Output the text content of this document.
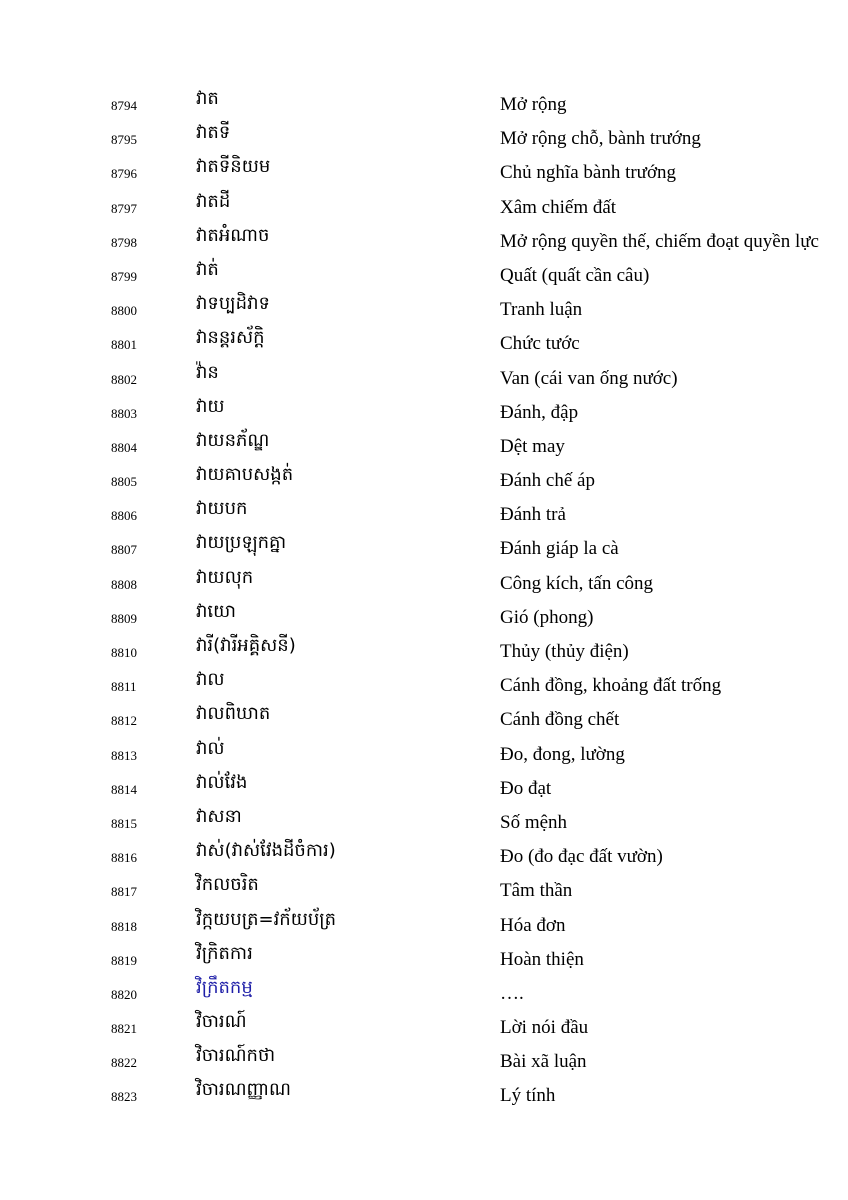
8794	វាត	Mở rộng
8795	វាតទី	Mở rộng chỗ, bành trướng
8796	វាតទីនិយម	Chủ nghĩa bành trướng
8797	វាតដី	Xâm chiếm đất
8798	វាតអំណាច	Mở rộng quyền thế, chiếm đoạt quyền lực
8799	វាត់	Quất (quất cần câu)
8800	វាទប្បដិវាទ	Tranh luận
8801	វានន្តរស័ក្តិ	Chức tước
8802	វ៉ាន	Van (cái van ống nước)
8803	វាយ	Đánh, đập
8804	វាយនភ័ណ្ឌ	Dệt may
8805	វាយគាបសង្កត់	Đánh chế áp
8806	វាយបក	Đánh trả
8807	វាយប្រឡុកគ្នា	Đánh giáp la cà
8808	វាយលុក	Công kích, tấn công
8809	វាយោ	Gió (phong)
8810	វារី(វារីអគ្គិសនី)	Thủy (thủy điện)
8811	វាល	Cánh đồng, khoảng đất trống
8812	វាលពិឃាត	Cánh đồng chết
8813	វាល់	Đo, đong, lường
8814	វាល់វែង	Đo đạt
8815	វាសនា	Số mệnh
8816	វាស់(វាស់វែងដីចំការ)	Đo (đo đạc đất vườn)
8817	វិកលចរិត	Tâm thần
8818	វិក្កយបត្រ=វក័យប័ត្រ	Hóa đơn
8819	វិក្រិតការ	Hoàn thiện
8820	វិក្រឹតកម្ម	….
8821	វិចារណ៍	Lời nói đầu
8822	វិចារណ៍កថា	Bài xã luận
8823	វិចារណញ្ញាណ	Lý tính
